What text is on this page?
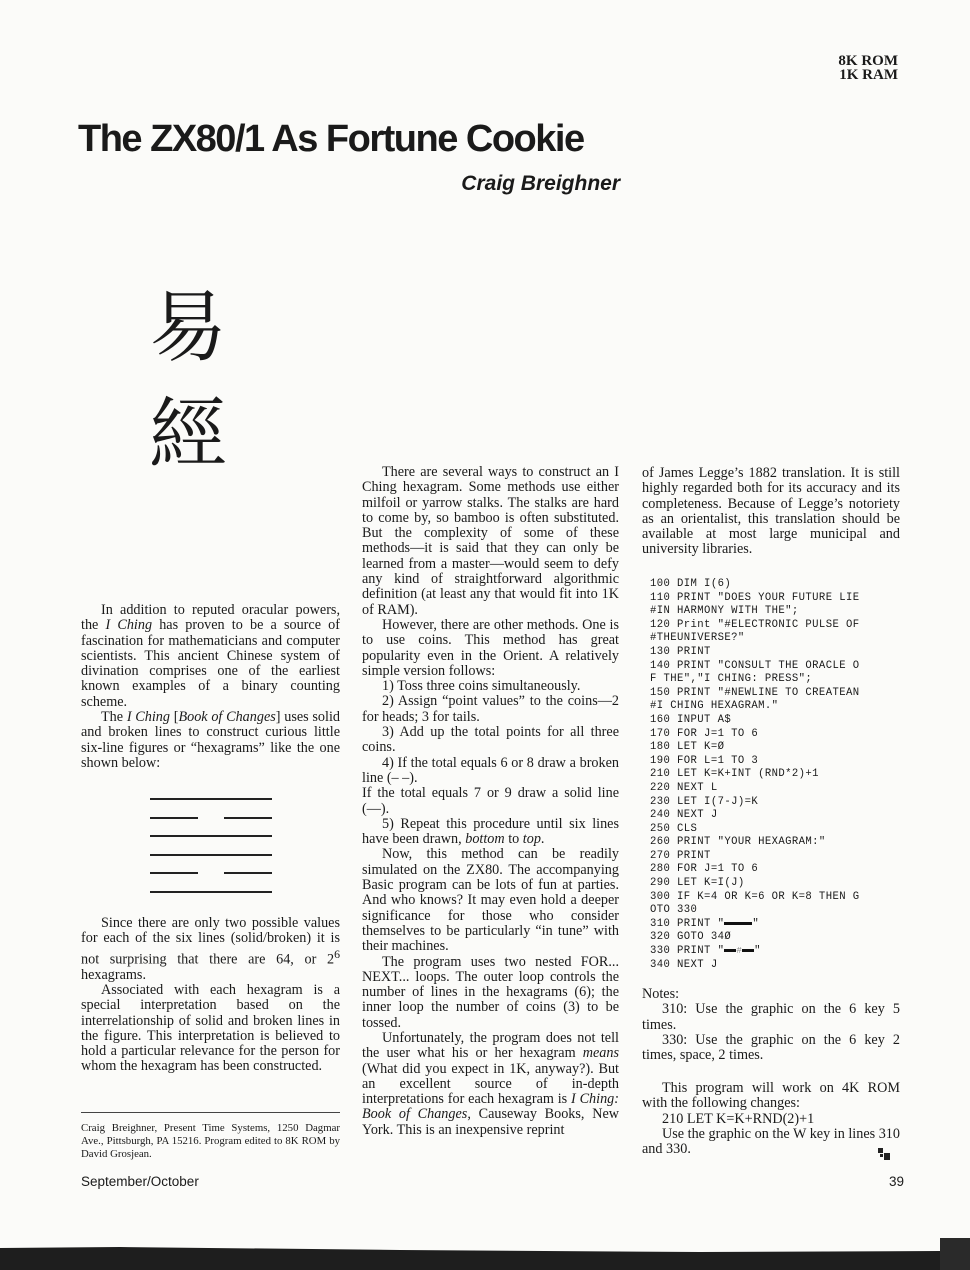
8K ROM
1K RAM
The ZX80/1 As Fortune Cookie
Craig Breighner
易
經

In addition to reputed oracular powers, the I Ching has proven to be a source of fascination for mathematicians and computer scientists. This ancient Chinese system of divination comprises one of the earliest known examples of a binary counting scheme.

The I Ching [Book of Changes] uses solid and broken lines to construct curious little six-line figures or “hexagrams” like the one shown below:

Since there are only two possible values for each of the six lines (solid/broken) it is not surprising that there are 64, or $2^6$ hexagrams.

Associated with each hexagram is a special interpretation based on the interrelationship of solid and broken lines in the figure. This interpretation is believed to hold a particular relevance for the person for whom the hexagram has been constructed.

Craig Breighner, Present Time Systems, 1250 Dagmar Ave., Pittsburgh, PA 15216. Program edited to 8K ROM by David Grosjean.

There are several ways to construct an I Ching hexagram. Some methods use either milfoil or yarrow stalks. The stalks are hard to come by, so bamboo is often substituted. But the complexity of some of these methods—it is said that they can only be learned from a master—would seem to defy any kind of straightforward algorithmic definition (at least any that would fit into 1K of RAM).

However, there are other methods. One is to use coins. This method has great popularity even in the Orient. A relatively simple version follows:

1) Toss three coins simultaneously.

2) Assign “point values” to the coins—2 for heads; 3 for tails.

3) Add up the total points for all three coins.

4) If the total equals 6 or 8 draw a broken line (– –).

If the total equals 7 or 9 draw a solid line (—).

5) Repeat this procedure until six lines have been drawn, bottom to top.

Now, this method can be readily simulated on the ZX80. The accompanying Basic program can be lots of fun at parties. And who knows? It may even hold a deeper significance for those who consider themselves to be particularly “in tune” with their machines.

The program uses two nested FOR... NEXT... loops. The outer loop controls the number of lines in the hexagrams (6); the inner loop the number of coins (3) to be tossed.

Unfortunately, the program does not tell the user what his or her hexagram means (What did you expect in 1K, anyway?). But an excellent source of in-depth interpretations for each hexagram is I Ching: Book of Changes, Causeway Books, New York. This is an inexpensive reprint

of James Legge’s 1882 translation. It is still highly regarded both for its accuracy and its completeness. Because of Legge’s notoriety as an orientalist, this translation should be available at most large municipal and university libraries.

100 DIM I(6)
110 PRINT "DOES YOUR FUTURE LIE
#IN HARMONY WITH THE";
120 Print "#ELECTRONIC PULSE OF
#THEUNIVERSE?"
130 PRINT
140 PRINT "CONSULT THE ORACLE O
F THE","I CHING: PRESS";
150 PRINT "#NEWLINE TO CREATEAN
#I CHING HEXAGRAM."
160 INPUT A$
170 FOR J=1 TO 6
180 LET K=Ø
190 FOR L=1 TO 3
210 LET K=K+INT (RND*2)+1
220 NEXT L
230 LET I(7-J)=K
240 NEXT J
250 CLS
260 PRINT "YOUR HEXAGRAM:"
270 PRINT
280 FOR J=1 TO 6
290 LET K=I(J)
300 IF K=4 OR K=6 OR K=8 THEN G
OTO 330
310 PRINT "	"
320 GOTO 34Ø
330 PRINT " # "
340 NEXT J

Notes:

310: Use the graphic on the 6 key 5 times.

330: Use the graphic on the 6 key 2 times, space, 2 times.

This program will work on 4K ROM with the following changes:

210 LET K=K+RND(2)+1

Use the graphic on the W key in lines 310 and 330.

September/October	39
